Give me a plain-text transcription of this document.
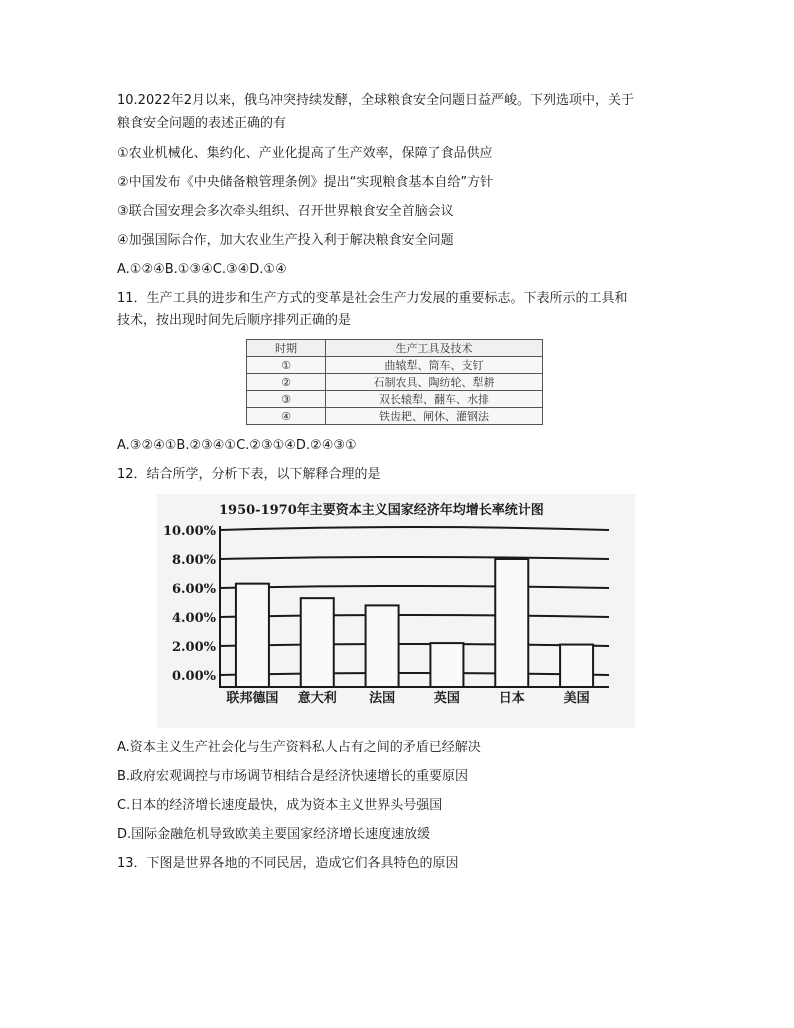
10.2022年2月以来，俄乌冲突持续发酵，全球粮食安全问题日益严峻。下列选项中，关于
粮食安全问题的表述正确的有
①农业机械化、集约化、产业化提高了生产效率，保障了食品供应
②中国发布《中央储备粮管理条例》提出“实现粮食基本自给”方针
③联合国安理会多次牵头组织、召开世界粮食安全首脑会议
④加强国际合作，加大农业生产投入利于解决粮食安全问题
A.①②④B.①③④C.③④D.①④
11．生产工具的进步和生产方式的变革是社会生产力发展的重要标志。下表所示的工具和
技术，按出现时间先后顺序排列正确的是
时期	生产工具及技术
①	曲辕犁、筒车、支钉
②	石制农具、陶纺轮、犁耕
③	双长辕犁、翻车、水排
④	铁齿耙、闸休、灌钢法
A.③②④①B.②③④①C.②③①④D.②④③①
12．结合所学，分析下表，以下解释合理的是
1950-1970年主要资本主义国家经济年均增长率统计图
0.00%
2.00%
4.00%
6.00%
8.00%
10.00%
联邦德国 意大利 法国	英国	日本	美国
A.资本主义生产社会化与生产资料私人占有之间的矛盾已经解决
B.政府宏观调控与市场调节相结合是经济快速增长的重要原因
C.日本的经济增长速度最快，成为资本主义世界头号强国
D.国际金融危机导致欧美主要国家经济增长速度速放缓
13．下图是世界各地的不同民居，造成它们各具特色的原因
